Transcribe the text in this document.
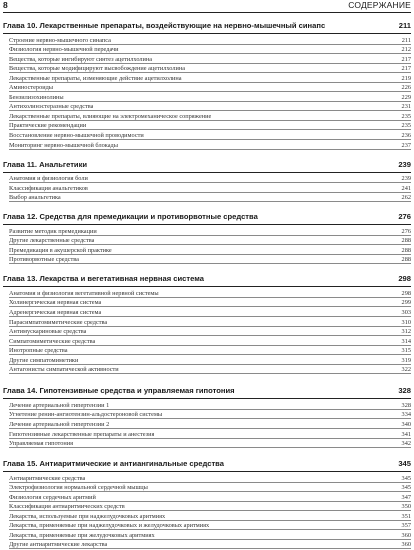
8	СОДЕРЖАНИЕ
Глава 10. Лекарственные препараты, воздействующие на нервно-мышечный синапс	211
Строение нервно-мышечного синапса	211
Физиология нервно-мышечной передачи	212
Вещества, которые ингибируют синтез ацетилхолина	217
Вещества, которые модифицируют высвобождение ацетилхолина	217
Лекарственные препараты, изменяющие действие ацетилхолина	219
Аминостероиды	226
Бензилизохинолины	229
Антихолинэстеразные средства	231
Лекарственные препараты, влияющие на электромеханическое сопряжение	235
Практические рекомендации	235
Восстановление нервно-мышечной проводимости	236
Мониторинг нервно-мышечной блокады	237
Глава 11. Анальгетики	239
Анатомия и физиология боли	239
Классификация анальгетиков	241
Выбор анальгетика	262
Глава 12. Средства для премедикации и противорвотные средства	276
Развитие методик премедикации	276
Другие лекарственные средства	288
Премедикация в акушерской практике	288
Противорвотные средства	288
Глава 13. Лекарства и вегетативная нервная система	298
Анатомия и физиология вегетативной нервной системы	298
Холинергическая нервная система	299
Адренергическая нервная система	303
Парасимпатомиметические средства	310
Антимускариновые средства	312
Симпатомиметические средства	314
Инотропные средства	315
Другие симпатомиметики	319
Антагонисты симпатической активности	322
Глава 14. Гипотензивные средства и управляемая гипотония	328
Лечение артериальной гипертензии 1	328
Угнетение ренин-ангиотензин-альдостероновой системы	334
Лечение артериальной гипертензии 2	340
Гипотензивные лекарственные препараты и анестезия	341
Управляемая гипотония	342
Глава 15. Антиаритмические и антиангинальные средства	345
Антиаритмические средства	345
Электрофизиология нормальной сердечной мышцы	345
Физиология сердечных аритмий	347
Классификация антиаритмических средств	350
Лекарства, используемые при наджелудочковых аритмиях	351
Лекарства, применяемые при наджелудочковых и желудочковых аритмиях	357
Лекарства, применяемые при желудочковых аритмиях	360
Другие антиаритмические лекарства	360
